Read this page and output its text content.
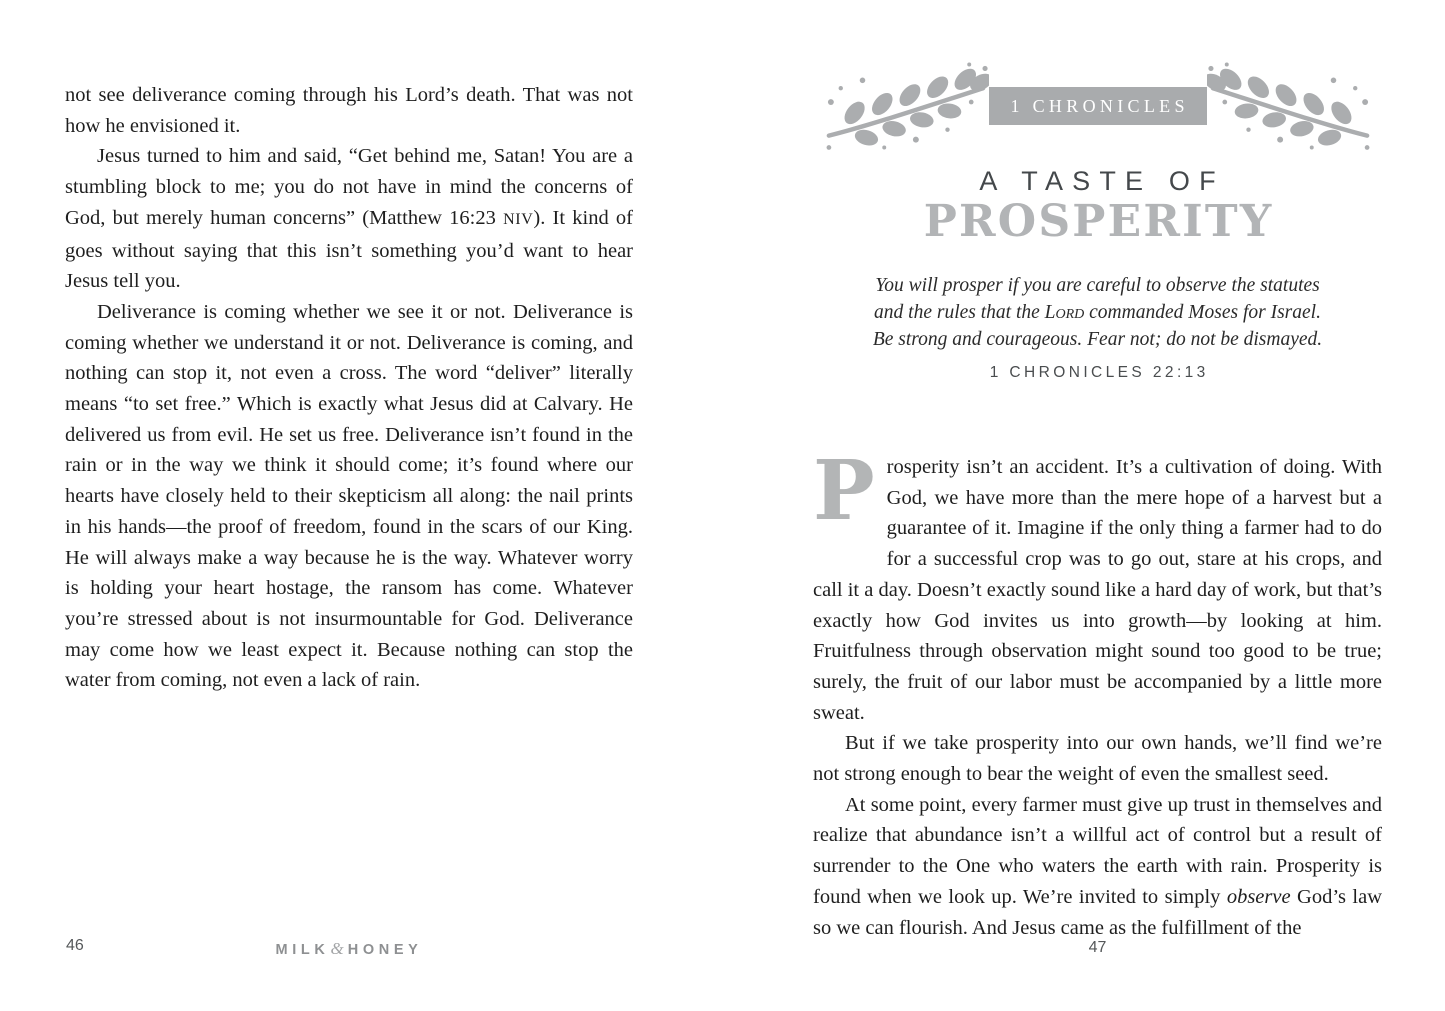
not see deliverance coming through his Lord’s death. That was not how he envisioned it.

Jesus turned to him and said, “Get behind me, Satan! You are a stumbling block to me; you do not have in mind the concerns of God, but merely human concerns” (Matthew 16:23 NIV). It kind of goes without saying that this isn’t something you’d want to hear Jesus tell you.

Deliverance is coming whether we see it or not. Deliverance is coming whether we understand it or not. Deliverance is coming, and nothing can stop it, not even a cross. The word “deliver” literally means “to set free.” Which is exactly what Jesus did at Calvary. He delivered us from evil. He set us free. Deliverance isn’t found in the rain or in the way we think it should come; it’s found where our hearts have closely held to their skepticism all along: the nail prints in his hands—the proof of freedom, found in the scars of our King. He will always make a way because he is the way. Whatever worry is holding your heart hostage, the ransom has come. Whatever you’re stressed about is not insurmountable for God. Deliverance may come how we least expect it. Because nothing can stop the water from coming, not even a lack of rain.

46	MILK& HONEY
1 CHRONICLES
A TASTE OF
PROSPERITY
You will prosper if you are careful to observe the statutes
and the rules that the Lord commanded Moses for Israel.
Be strong and courageous. Fear not; do not be dismayed.
1 CHRONICLES 22:13

Prosperity isn’t an accident. It’s a cultivation of doing. With God, we have more than the mere hope of a harvest but a guarantee of it. Imagine if the only thing a farmer had to do for a successful crop was to go out, stare at his crops, and call it a day. Doesn’t exactly sound like a hard day of work, but that’s exactly how God invites us into growth—by looking at him. Fruitfulness through observation might sound too good to be true; surely, the fruit of our labor must be accompanied by a little more sweat.

But if we take prosperity into our own hands, we’ll find we’re not strong enough to bear the weight of even the smallest seed.

At some point, every farmer must give up trust in themselves and realize that abundance isn’t a willful act of control but a result of surrender to the One who waters the earth with rain. Prosperity is found when we look up. We’re invited to simply observe God’s law so we can flourish. And Jesus came as the fulfillment of the

47
